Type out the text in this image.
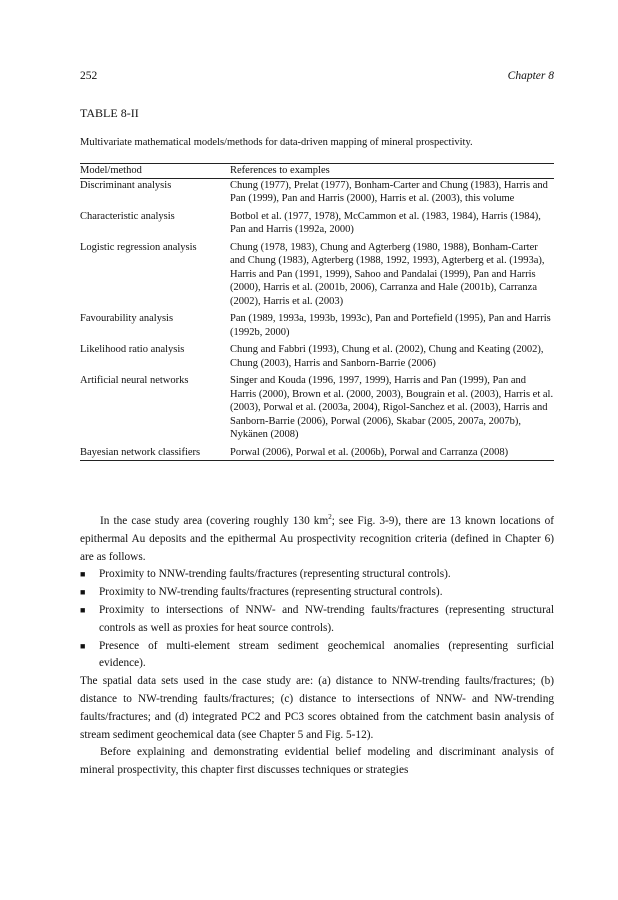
252	Chapter 8
TABLE 8-II
Multivariate mathematical models/methods for data-driven mapping of mineral prospectivity.
Model/method	References to examples
Discriminant analysis	Chung (1977), Prelat (1977), Bonham-Carter and Chung (1983), Harris and Pan (1999), Pan and Harris (2000), Harris et al. (2003), this volume
Characteristic analysis	Botbol et al. (1977, 1978), McCammon et al. (1983, 1984), Harris (1984), Pan and Harris (1992a, 2000)
Logistic regression analysis	Chung (1978, 1983), Chung and Agterberg (1980, 1988), Bonham-Carter and Chung (1983), Agterberg (1988, 1992, 1993), Agterberg et al. (1993a), Harris and Pan (1991, 1999), Sahoo and Pandalai (1999), Pan and Harris (2000), Harris et al. (2001b, 2006), Carranza and Hale (2001b), Carranza (2002), Harris et al. (2003)
Favourability analysis	Pan (1989, 1993a, 1993b, 1993c), Pan and Portefield (1995), Pan and Harris (1992b, 2000)
Likelihood ratio analysis	Chung and Fabbri (1993), Chung et al. (2002), Chung and Keating (2002), Chung (2003), Harris and Sanborn-Barrie (2006)
Artificial neural networks	Singer and Kouda (1996, 1997, 1999), Harris and Pan (1999), Pan and Harris (2000), Brown et al. (2000, 2003), Bougrain et al. (2003), Harris et al. (2003), Porwal et al. (2003a, 2004), Rigol-Sanchez et al. (2003), Harris and Sanborn-Barrie (2006), Porwal (2006), Skabar (2005, 2007a, 2007b), Nykänen (2008)
Bayesian network classifiers	Porwal (2006), Porwal et al. (2006b), Porwal and Carranza (2008)

In the case study area (covering roughly 130 $km^2$; see Fig. 3-9), there are 13 known locations of epithermal Au deposits and the epithermal Au prospectivity recognition criteria (defined in Chapter 6) are as follows.

■ Proximity to NNW-trending faults/fractures (representing structural controls).
■ Proximity to NW-trending faults/fractures (representing structural controls).
■ Proximity to intersections of NNW- and NW-trending faults/fractures (representing structural controls as well as proxies for heat source controls).
■ Presence of multi-element stream sediment geochemical anomalies (representing surficial evidence).

The spatial data sets used in the case study are: (a) distance to NNW-trending faults/fractures; (b) distance to NW-trending faults/fractures; (c) distance to intersections of NNW- and NW-trending faults/fractures; and (d) integrated PC2 and PC3 scores obtained from the catchment basin analysis of stream sediment geochemical data (see Chapter 5 and Fig. 5-12).

Before explaining and demonstrating evidential belief modeling and discriminant analysis of mineral prospectivity, this chapter first discusses techniques or strategies
